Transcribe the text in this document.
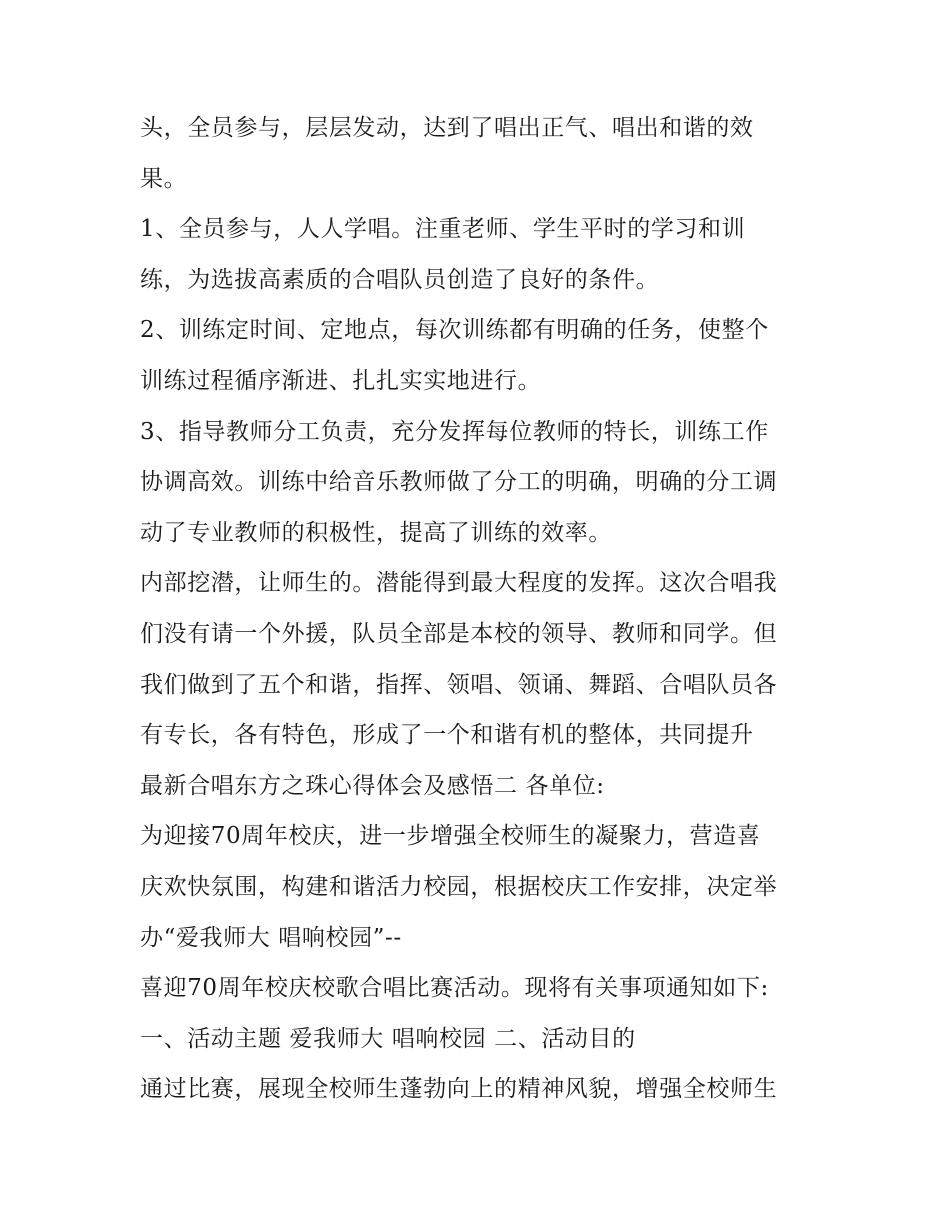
头，全员参与，层层发动，达到了唱出正气、唱出和谐的效
果。
1、全员参与，人人学唱。注重老师、学生平时的学习和训
练，为选拔高素质的合唱队员创造了良好的条件。
2、训练定时间、定地点，每次训练都有明确的任务，使整个
训练过程循序渐进、扎扎实实地进行。
3、指导教师分工负责，充分发挥每位教师的特长，训练工作
协调高效。训练中给音乐教师做了分工的明确，明确的分工调
动了专业教师的积极性，提高了训练的效率。
内部挖潜，让师生的。潜能得到最大程度的发挥。这次合唱我
们没有请一个外援，队员全部是本校的领导、教师和同学。但
我们做到了五个和谐，指挥、领唱、领诵、舞蹈、合唱队员各
有专长，各有特色，形成了一个和谐有机的整体，共同提升
最新合唱东方之珠心得体会及感悟二 各单位:
为迎接70周年校庆，进一步增强全校师生的凝聚力，营造喜
庆欢快氛围，构建和谐活力校园，根据校庆工作安排，决定举
办“爱我师大 唱响校园”--
喜迎70周年校庆校歌合唱比赛活动。现将有关事项通知如下:
一、活动主题 爱我师大 唱响校园 二、活动目的
通过比赛，展现全校师生蓬勃向上的精神风貌，增强全校师生
